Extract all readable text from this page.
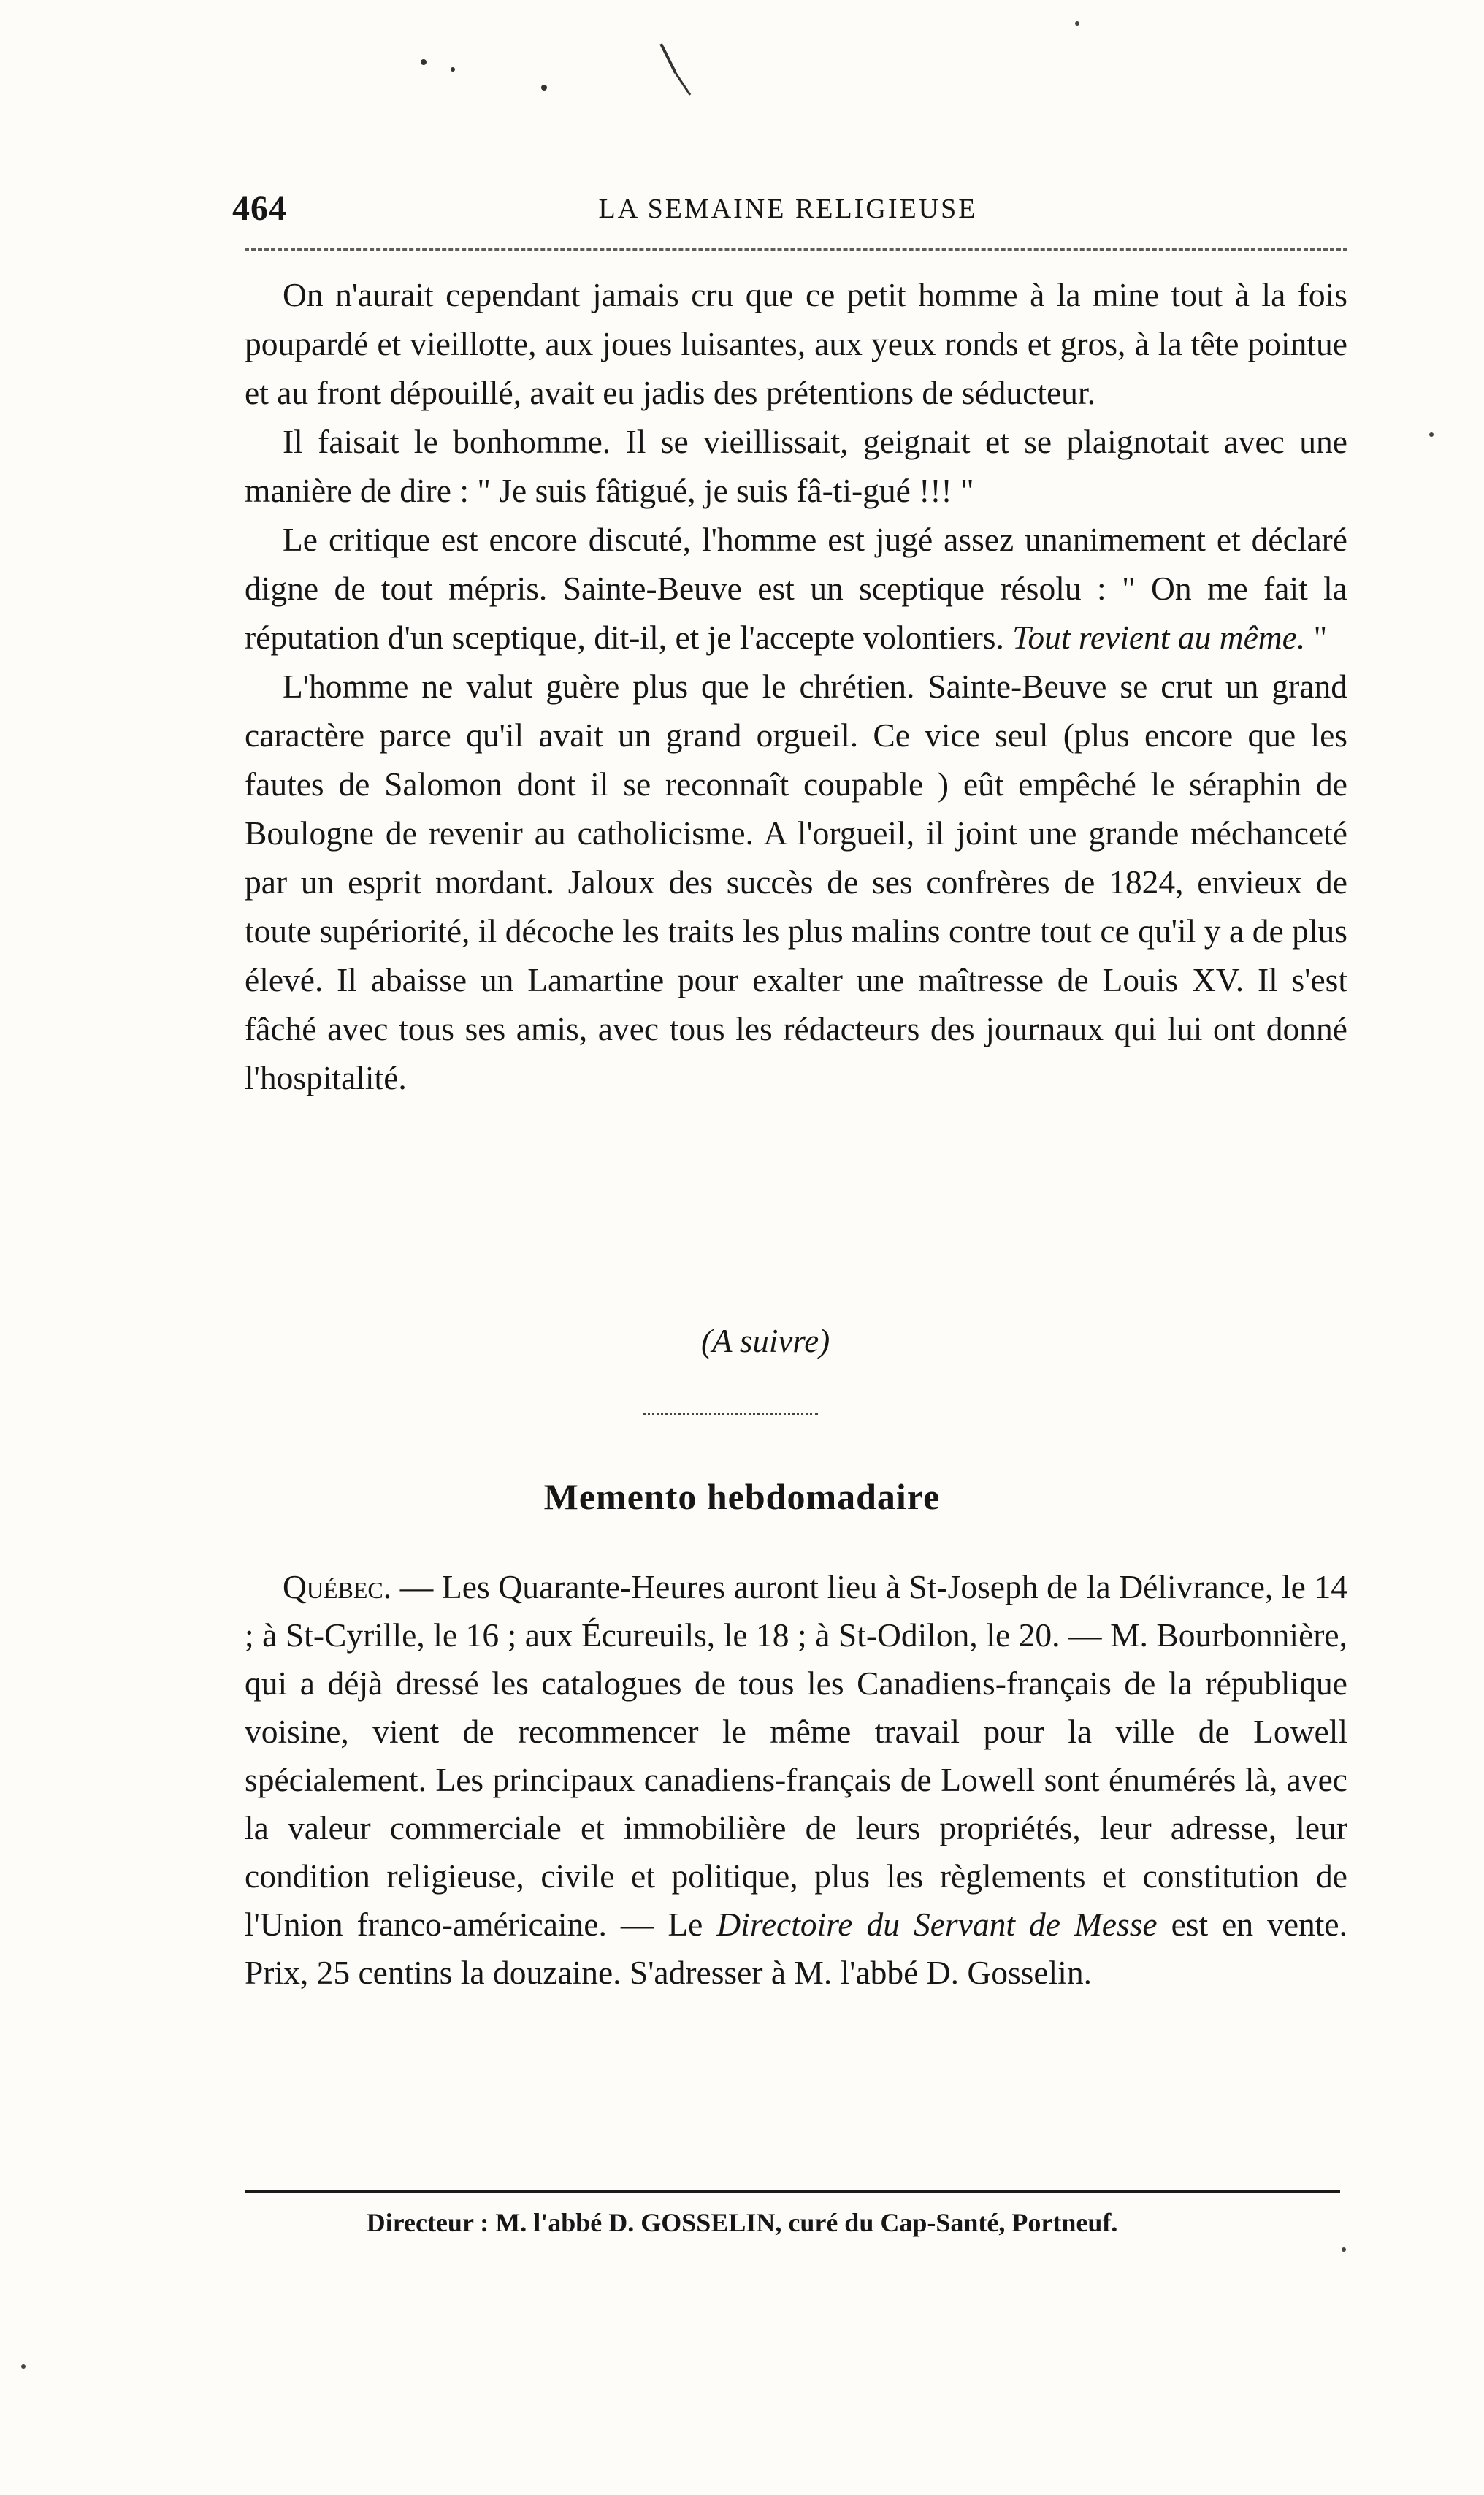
464	LA SEMAINE RELIGIEUSE

On n'aurait cependant jamais cru que ce petit homme à la mine tout à la fois poupardé et vieillotte, aux joues luisantes, aux yeux ronds et gros, à la tête pointue et au front dépouillé, avait eu jadis des prétentions de séducteur.

Il faisait le bonhomme. Il se vieillissait, geignait et se plaignotait avec une manière de dire : " Je suis fâtigué, je suis fâ-ti-gué !!! "

Le critique est encore discuté, l'homme est jugé assez unanimement et déclaré digne de tout mépris. Sainte-Beuve est un sceptique résolu : " On me fait la réputation d'un sceptique, dit-il, et je l'accepte volontiers. Tout revient au même. "

L'homme ne valut guère plus que le chrétien. Sainte-Beuve se crut un grand caractère parce qu'il avait un grand orgueil. Ce vice seul (plus encore que les fautes de Salomon dont il se reconnaît coupable ) eût empêché le séraphin de Boulogne de revenir au catholicisme. A l'orgueil, il joint une grande méchanceté par un esprit mordant. Jaloux des succès de ses confrères de 1824, envieux de toute supériorité, il décoche les traits les plus malins contre tout ce qu'il y a de plus élevé. Il abaisse un Lamartine pour exalter une maîtresse de Louis XV. Il s'est fâché avec tous ses amis, avec tous les rédacteurs des journaux qui lui ont donné l'hospitalité.

(A suivre)
Memento hebdomadaire

Québec. — Les Quarante-Heures auront lieu à St-Joseph de la Délivrance, le 14 ; à St-Cyrille, le 16 ; aux Écureuils, le 18 ; à St-Odilon, le 20. — M. Bourbonnière, qui a déjà dressé les catalogues de tous les Canadiens-français de la république voisine, vient de recommencer le même travail pour la ville de Lowell spécialement. Les principaux canadiens-français de Lowell sont énumérés là, avec la valeur commerciale et immobilière de leurs propriétés, leur adresse, leur condition religieuse, civile et politique, plus les règlements et constitution de l'Union franco-américaine. — Le Directoire du Servant de Messe est en vente. Prix, 25 centins la douzaine. S'adresser à M. l'abbé D. Gosselin.

Directeur : M. l'abbé D. GOSSELIN, curé du Cap-Santé, Portneuf.
